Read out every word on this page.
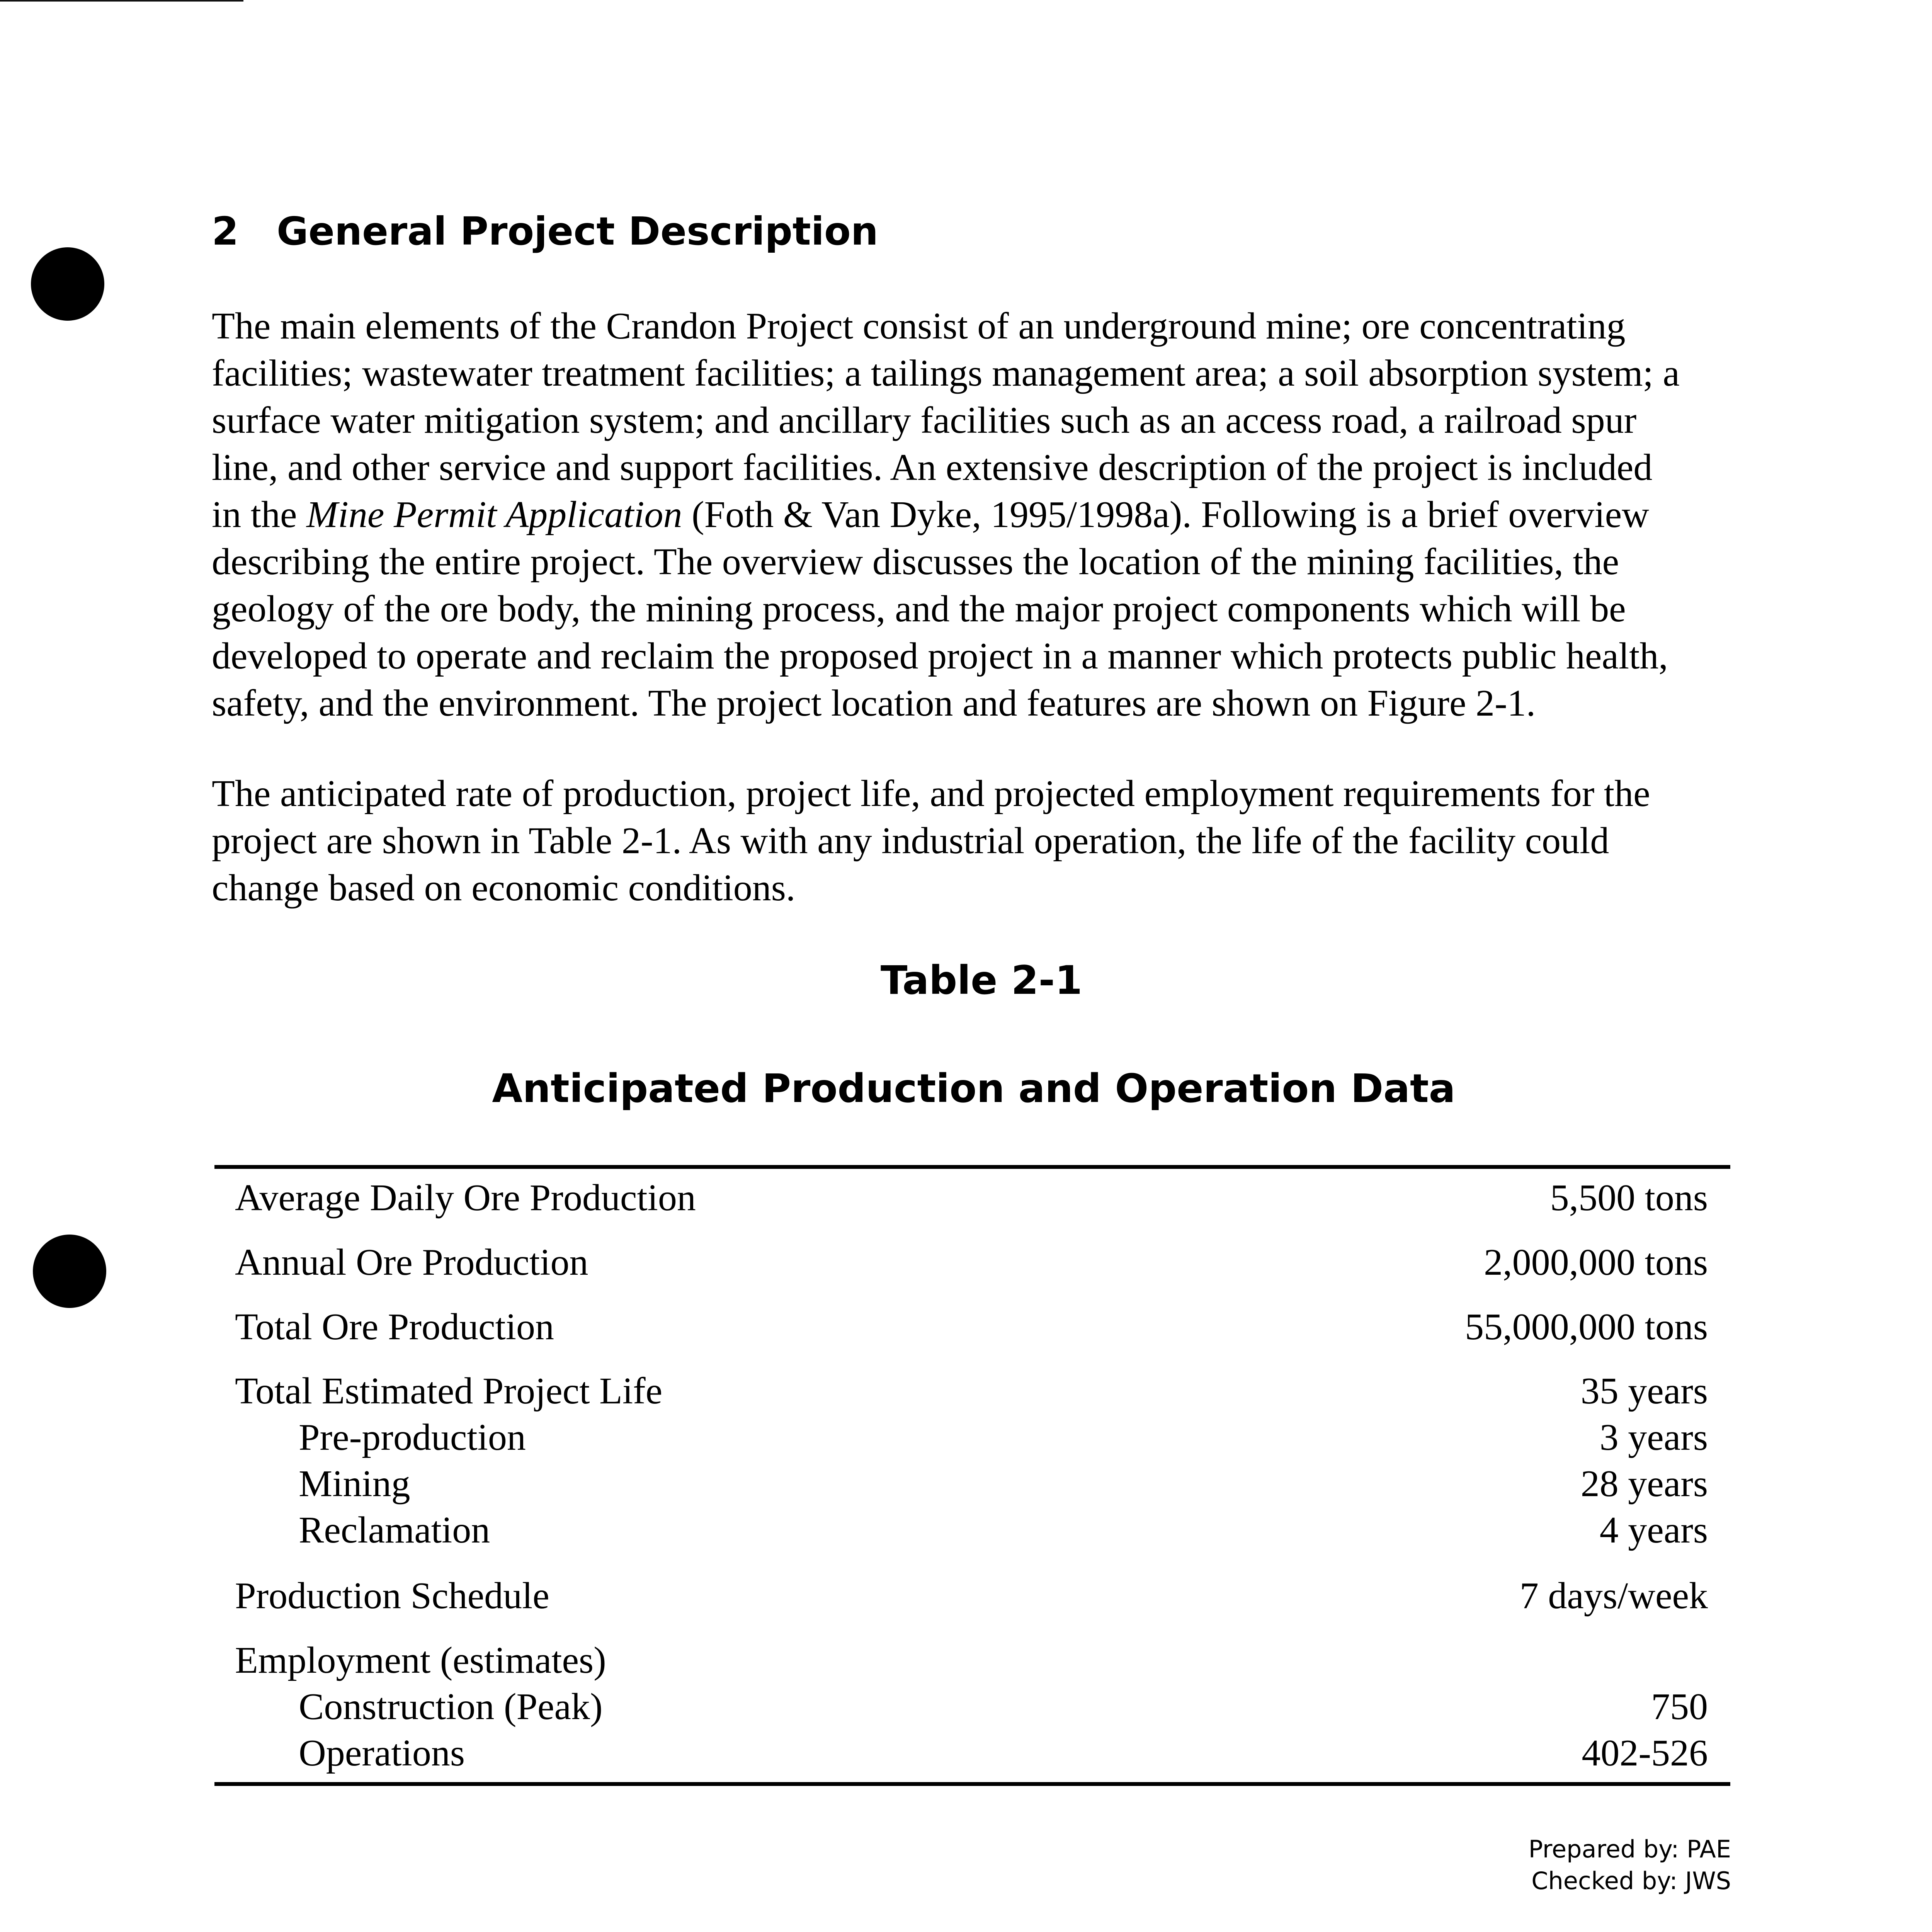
2 General Project Description
The main elements of the Crandon Project consist of an underground mine; ore concentrating
facilities; wastewater treatment facilities; a tailings management area; a soil absorption system; a
surface water mitigation system; and ancillary facilities such as an access road, a railroad spur
line, and other service and support facilities. An extensive description of the project is included
in the Mine Permit Application (Foth & Van Dyke, 1995/1998a). Following is a brief overview
describing the entire project. The overview discusses the location of the mining facilities, the
geology of the ore body, the mining process, and the major project components which will be
developed to operate and reclaim the proposed project in a manner which protects public health,
safety, and the environment. The project location and features are shown on Figure 2-1.
The anticipated rate of production, project life, and projected employment requirements for the
project are shown in Table 2-1. As with any industrial operation, the life of the facility could
change based on economic conditions.
Table 2-1
Anticipated Production and Operation Data
Average Daily Ore Production	5,500 tons
Annual Ore Production	2,000,000 tons
Total Ore Production	55,000,000 tons
Total Estimated Project Life	35 years
Pre-production	3 years
Mining	28 years
Reclamation	4 years
Production Schedule	7 days/week
Employment (estimates)
Construction (Peak)	750
Operations	402-526
Prepared by: PAE
Checked by: JWS
